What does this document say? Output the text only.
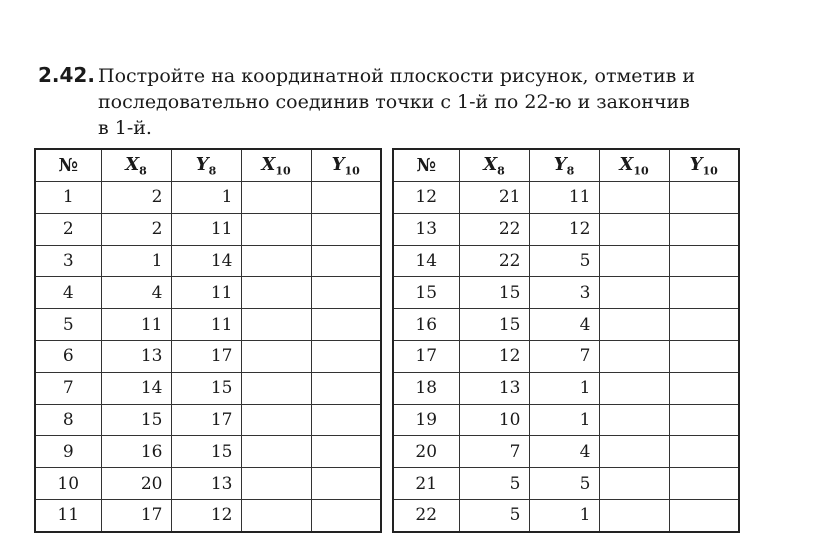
2.42. Постройте на координатной плоскости рисунок, отметив и
последовательно соединив точки с 1-й по 22-ю и закончив
в 1-й.
№	$X_8$	$Y_8$	$X_{10}$	$Y_{10}$
1	2	1		
2	2	11		
3	1	14		
4	4	11		
5	11	11		
6	13	17		
7	14	15		
8	15	17		
9	16	15		
10	20	13		
11	17	12		
№	$X_8$	$Y_8$	$X_{10}$	$Y_{10}$
12	21	11		
13	22	12		
14	22	5		
15	15	3		
16	15	4		
17	12	7		
18	13	1		
19	10	1		
20	7	4		
21	5	5		
22	5	1		
